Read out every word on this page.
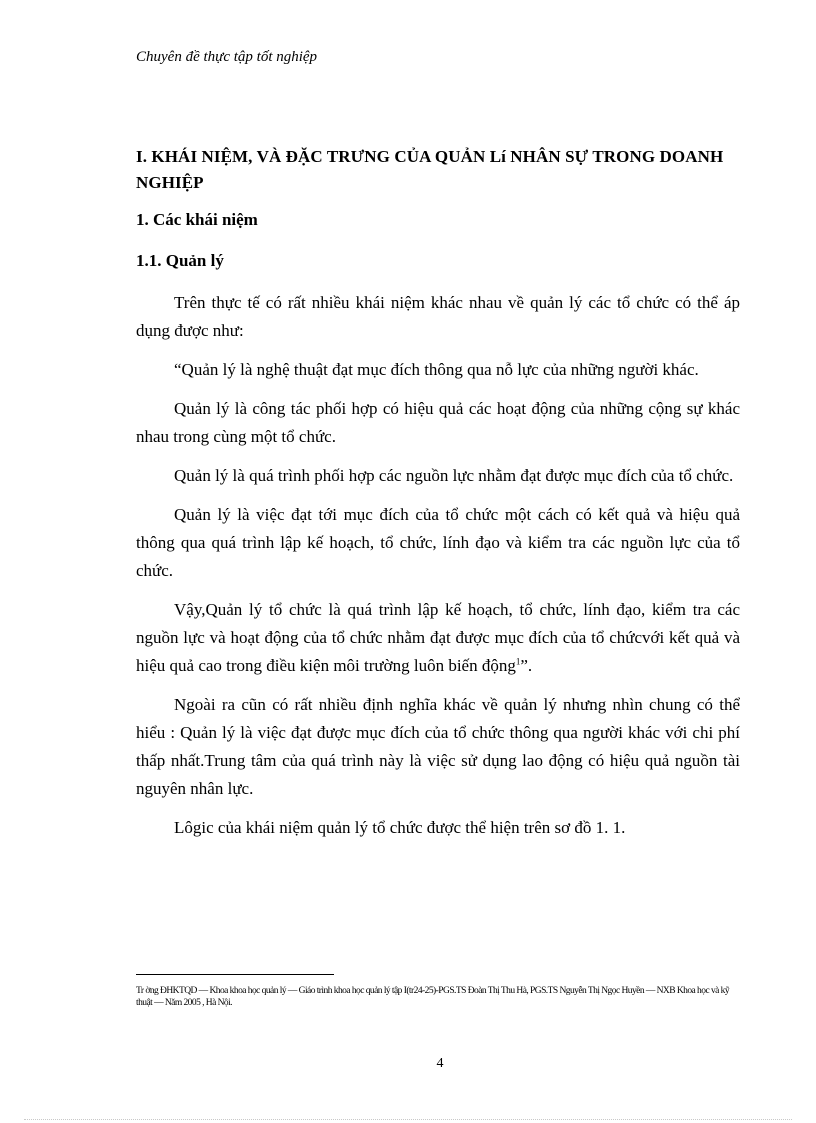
Chuyên đề thực tập tốt nghiệp
I. KHÁI NIỆM, VÀ ĐẶC TRƯNG CỦA QUẢN Lí NHÂN SỰ TRONG DOANH NGHIỆP
1. Các khái niệm
1.1. Quản lý

Trên thực tế có rất nhiều khái niệm khác nhau về quản lý các tổ chức có thể áp dụng được như:

“Quản lý là nghệ thuật đạt mục đích thông qua nỗ lực của những người khác.

Quản lý là công tác phối hợp có hiệu quả các hoạt động của những cộng sự khác nhau trong cùng một tổ chức.

Quản lý là quá trình phối hợp các nguồn lực nhằm đạt được mục đích của tổ chức.

Quản lý là việc đạt tới mục đích của tổ chức một cách có kết quả và hiệu quả thông qua quá trình lập kế hoạch, tổ chức, lính đạo và kiểm tra các nguồn lực của tổ chức.

Vậy,Quản lý tổ chức là quá trình lập kế hoạch, tổ chức, lính đạo, kiểm tra các nguồn lực và hoạt động của tổ chức nhằm đạt được mục đích của tổ chứcvới kết quả và hiệu quả cao trong điều kiện môi trường luôn biến động$^1$”.

Ngoài ra cũn có rất nhiều định nghĩa khác về quản lý nhưng nhìn chung có thể hiểu : Quản lý là việc đạt được mục đích của tổ chức thông qua người khác với chi phí thấp nhất.Trung tâm của quá trình này là việc sử dụng lao động có hiệu quả nguồn tài nguyên nhân lực.

Lôgic của khái niệm quản lý tổ chức được thể hiện trên sơ đồ 1. 1.

Tr ờng ĐHKTQD — Khoa khoa học quản lý — Giáo trình khoa học quản lý tập I(tr24-25)-PGS.TS Đoàn Thị Thu Hà, PGS.TS Nguyễn Thị Ngọc Huyền — NXB Khoa học và kỹ thuật — Năm 2005 , Hà Nội.
4
